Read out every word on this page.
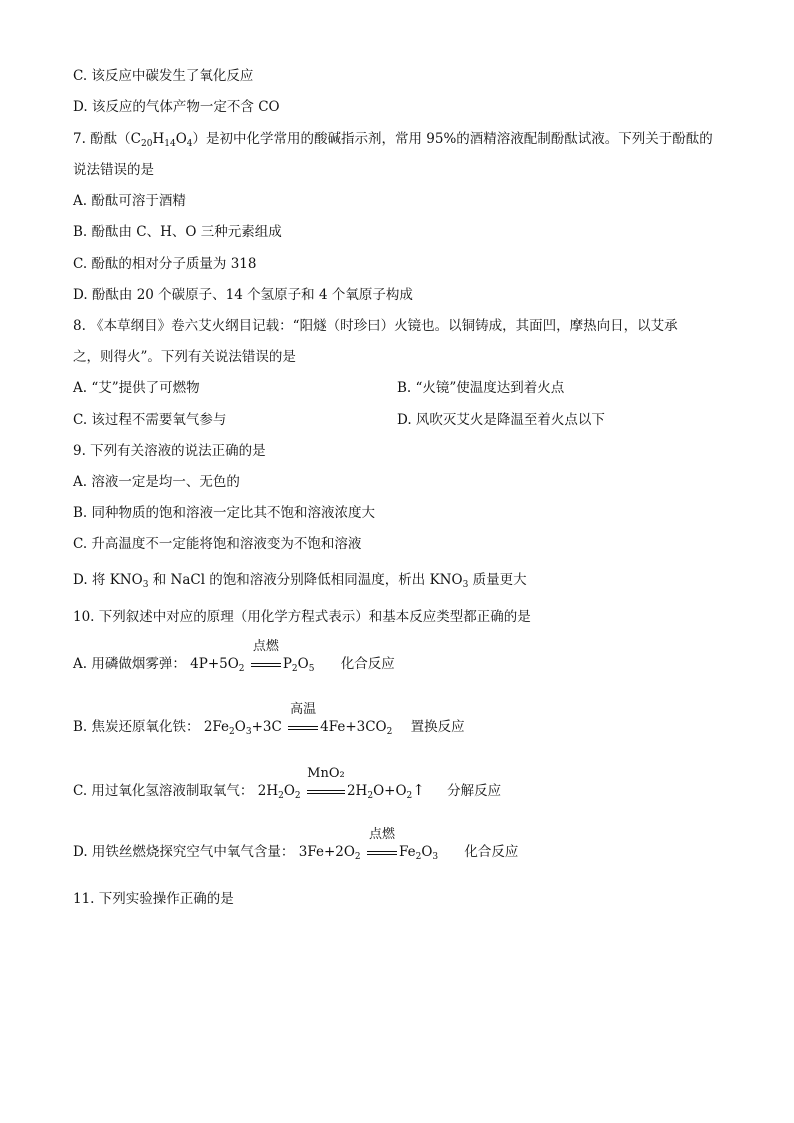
C. 该反应中碳发生了氧化反应
D. 该反应的气体产物一定不含 CO
7. 酚酞$(C_{20}H_{14}O_4)$是初中化学常用的酸碱指示剂，常用 95%的酒精溶液配制酚酞试液。下列关于酚酞的
说法错误的是
A. 酚酞可溶于酒精
B. 酚酞由 C、H、O 三种元素组成
C. 酚酞的相对分子质量为 318
D. 酚酞由 20 个碳原子、14 个氢原子和 4 个氧原子构成
8. 《本草纲目》卷六艾火纲目记载：“阳燧（时珍曰）火镜也。以铜铸成，其面凹，摩热向日，以艾承
之，则得火”。下列有关说法错误的是
A. “艾”提供了可燃物	B. “火镜”使温度达到着火点
C. 该过程不需要氧气参与	D. 风吹灭艾火是降温至着火点以下
9. 下列有关溶液的说法正确的是
A. 溶液一定是均一、无色的
B. 同种物质的饱和溶液一定比其不饱和溶液浓度大
C. 升高温度不一定能将饱和溶液变为不饱和溶液
D. 将 $KNO_3$ 和 NaCl 的饱和溶液分别降低相同温度，析出 $KNO_3$ 质量更大
10. 下列叙述中对应的原理（用化学方程式表示）和基本反应类型都正确的是
A. 用磷做烟雾弹： $4P+5O_2$
点燃
$P_2O_5$ 化合反应
B. 焦炭还原氧化铁： $2Fe_2O_3+3C$
高温
$4Fe+3CO_2$ 置换反应
C. 用过氧化氢溶液制取氧气： $2H_2O_2$
MnO₂
$2H_2O+O_2↑$ 分解反应
D. 用铁丝燃烧探究空气中氧气含量： $3Fe+2O_2$
点燃
$Fe_2O_3$ 化合反应
11. 下列实验操作正确的是
